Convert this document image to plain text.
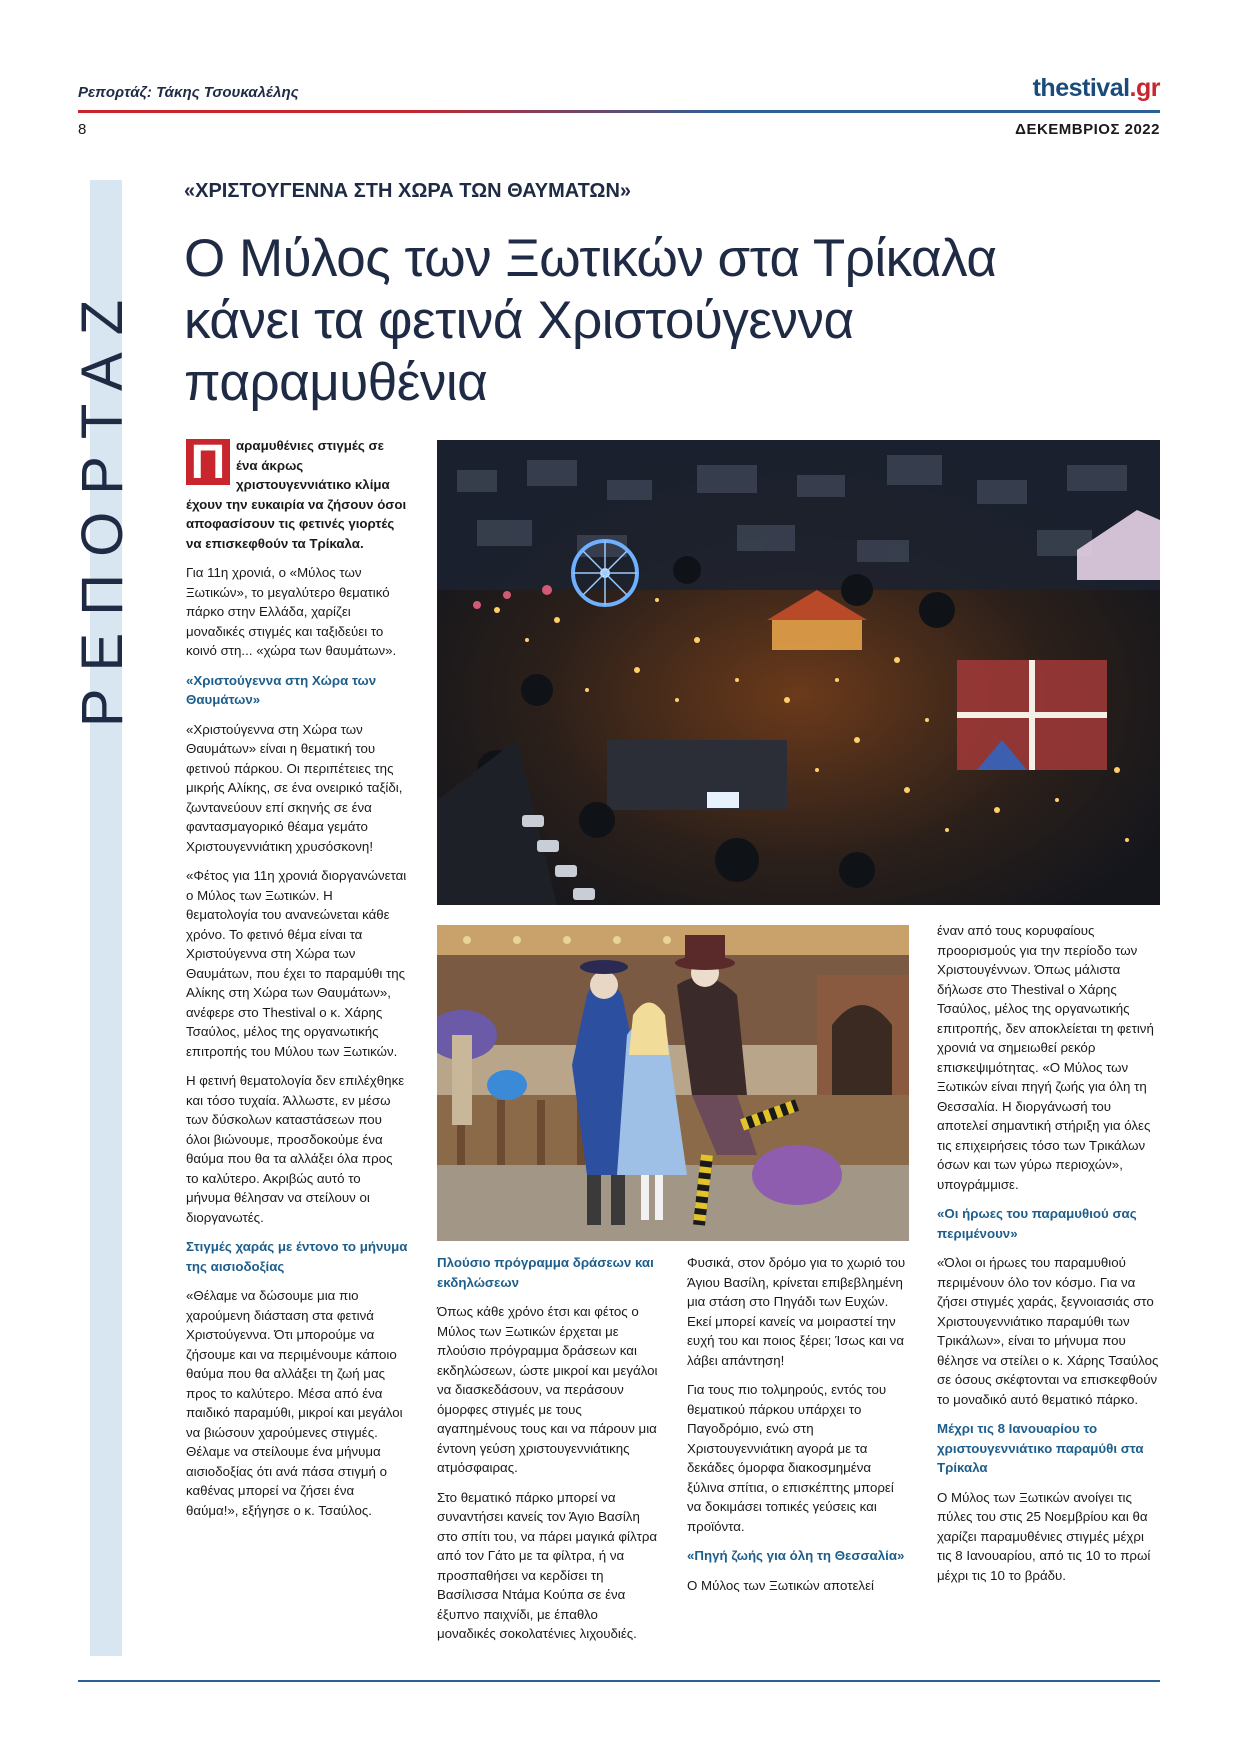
Ρεπορτάζ: Τάκης Τσουκαλέλης	thestival.gr
8	ΔΕΚΕΜΒΡΙΟΣ 2022
ΡΕΠΟΡΤΑΖ
«ΧΡΙΣΤΟΥΓΕΝΝΑ ΣΤΗ ΧΩΡΑ ΤΩΝ ΘΑΥΜΑΤΩΝ»
Ο Μύλος των Ξωτικών στα Τρίκαλα
κάνει τα φετινά Χριστούγεννα
παραμυθένια

Π αραμυθένιες στιγμές σε ένα άκρως χριστουγεννιάτικο κλίμα έχουν την ευκαιρία να ζήσουν όσοι αποφασίσουν τις φετινές γιορτές να επισκεφθούν τα Τρίκαλα.

Για 11η χρονιά, ο «Μύλος των Ξωτικών», το μεγαλύτερο θεματικό πάρκο στην Ελλάδα, χαρίζει μοναδικές στιγμές και ταξιδεύει το κοινό στη... «χώρα των θαυμάτων».

«Χριστούγεννα στη Χώρα των Θαυμάτων»

«Χριστούγεννα στη Χώρα των Θαυμάτων» είναι η θεματική του φετινού πάρκου. Οι περιπέτειες της μικρής Αλίκης, σε ένα ονειρικό ταξίδι, ζωντανεύουν επί σκηνής σε ένα φαντασμαγορικό θέαμα γεμάτο Χριστουγεννιάτικη χρυσόσκονη!

«Φέτος για 11η χρονιά διοργανώνεται ο Μύλος των Ξωτικών. Η θεματολογία του ανανεώνεται κάθε χρόνο. Το φετινό θέμα είναι τα Χριστούγεννα στη Χώρα των Θαυμάτων, που έχει το παραμύθι της Αλίκης στη Χώρα των Θαυμάτων», ανέφερε στο Thestival ο κ. Χάρης Τσαύλος, μέλος της οργανωτικής επιτροπής του Μύλου των Ξωτικών.

Η φετινή θεματολογία δεν επιλέχθηκε και τόσο τυχαία. Άλλωστε, εν μέσω των δύσκολων καταστάσεων που όλοι βιώνουμε, προσδοκούμε ένα θαύμα που θα τα αλλάξει όλα προς το καλύτερο. Ακριβώς αυτό το μήνυμα θέλησαν να στείλουν οι διοργανωτές.

Στιγμές χαράς με έντονο το μήνυμα της αισιοδοξίας

«Θέλαμε να δώσουμε μια πιο χαρούμενη διάσταση στα φετινά Χριστούγεννα. Ότι μπορούμε να ζήσουμε και να περιμένουμε κάποιο θαύμα που θα αλλάξει τη ζωή μας προς το καλύτερο. Μέσα από ένα παιδικό παραμύθι, μικροί και μεγάλοι να βιώσουν χαρούμενες στιγμές. Θέλαμε να στείλουμε ένα μήνυμα αισιοδοξίας ότι ανά πάσα στιγμή ο καθένας μπορεί να ζήσει ένα θαύμα!», εξήγησε ο κ. Τσαύλος.

Πλούσιο πρόγραμμα δράσεων και εκδηλώσεων

Όπως κάθε χρόνο έτσι και φέτος ο Μύλος των Ξωτικών έρχεται με πλούσιο πρόγραμμα δράσεων και εκδηλώσεων, ώστε μικροί και μεγάλοι να διασκεδάσουν, να περάσουν όμορφες στιγμές με τους αγαπημένους τους και να πάρουν μια έντονη γεύση χριστουγεννιάτικης ατμόσφαιρας.

Στο θεματικό πάρκο μπορεί να συναντήσει κανείς τον Άγιο Βασίλη στο σπίτι του, να πάρει μαγικά φίλτρα από τον Γάτο με τα φίλτρα, ή να προσπαθήσει να κερδίσει τη Βασίλισσα Ντάμα Κούπα σε ένα έξυπνο παιχνίδι, με έπαθλο μοναδικές σοκολατένιες λιχουδιές.

Φυσικά, στον δρόμο για το χωριό του Άγιου Βασίλη, κρίνεται επιβεβλημένη μια στάση στο Πηγάδι των Ευχών. Εκεί μπορεί κανείς να μοιραστεί την ευχή του και ποιος ξέρει; Ίσως και να λάβει απάντηση!

Για τους πιο τολμηρούς, εντός του θεματικού πάρκου υπάρχει το Παγοδρόμιο, ενώ στη Χριστουγεννιάτικη αγορά με τα δεκάδες όμορφα διακοσμημένα ξύλινα σπίτια, ο επισκέπτης μπορεί να δοκιμάσει τοπικές γεύσεις και προϊόντα.

«Πηγή ζωής για όλη τη Θεσσαλία»

Ο Μύλος των Ξωτικών αποτελεί

έναν από τους κορυφαίους προορισμούς για την περίοδο των Χριστουγέννων. Όπως μάλιστα δήλωσε στο Thestival ο Χάρης Τσαύλος, μέλος της οργανωτικής επιτροπής, δεν αποκλείεται τη φετινή χρονιά να σημειωθεί ρεκόρ επισκεψιμότητας. «Ο Μύλος των Ξωτικών είναι πηγή ζωής για όλη τη Θεσσαλία. Η διοργάνωσή του αποτελεί σημαντική στήριξη για όλες τις επιχειρήσεις τόσο των Τρικάλων όσων και των γύρω περιοχών», υπογράμμισε.

«Οι ήρωες του παραμυθιού σας περιμένουν»

«Όλοι οι ήρωες του παραμυθιού περιμένουν όλο τον κόσμο. Για να ζήσει στιγμές χαράς, ξεγνοιασιάς στο Χριστουγεννιάτικο παραμύθι των Τρικάλων», είναι το μήνυμα που θέλησε να στείλει ο κ. Χάρης Τσαύλος σε όσους σκέφτονται να επισκεφθούν το μοναδικό αυτό θεματικό πάρκο.

Μέχρι τις 8 Ιανουαρίου το χριστουγεννιάτικο παραμύθι στα Τρίκαλα

Ο Μύλος των Ξωτικών ανοίγει τις πύλες του στις 25 Νοεμβρίου και θα χαρίζει παραμυθένιες στιγμές μέχρι τις 8 Ιανουαρίου, από τις 10 το πρωί μέχρι τις 10 το βράδυ.
